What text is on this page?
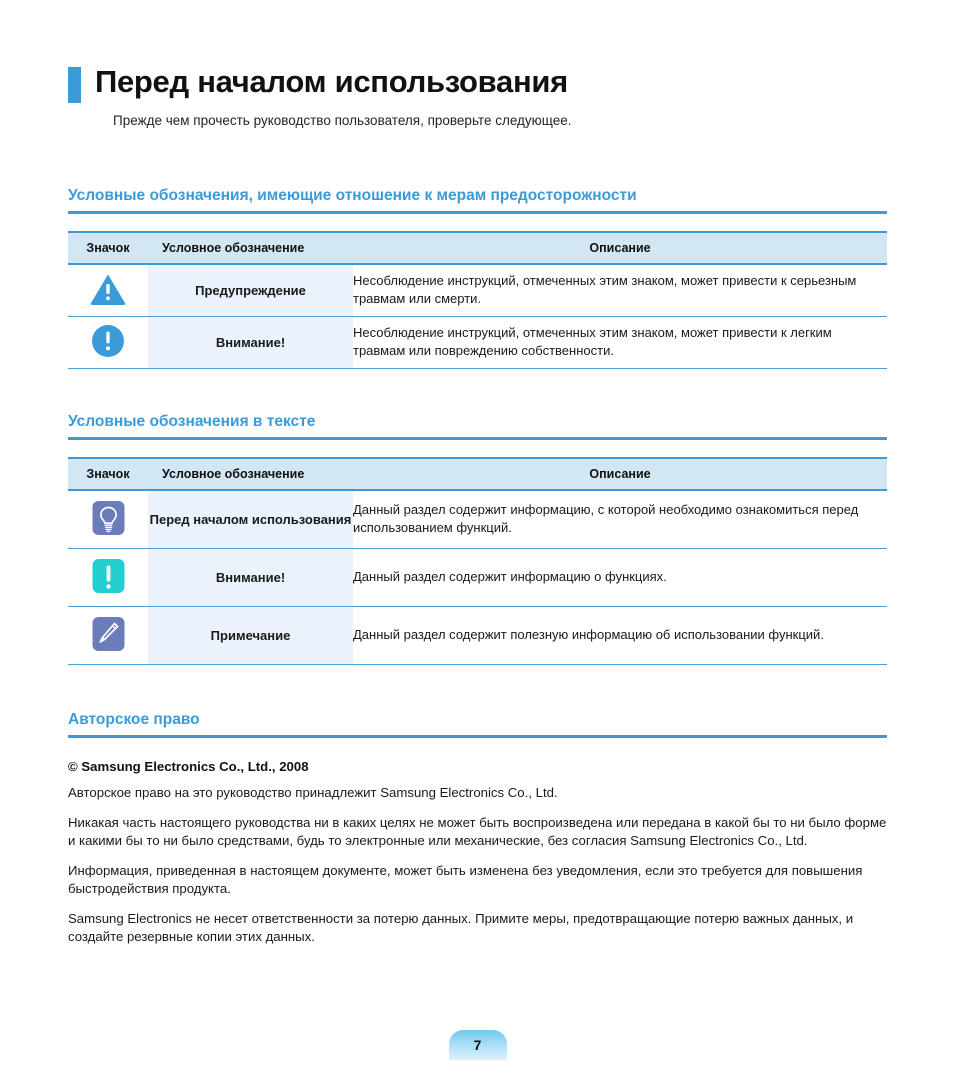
Перед началом использования
Прежде чем прочесть руководство пользователя, проверьте следующее.
Условные обозначения, имеющие отношение к мерам предосторожности
Значок	Условное обозначение	Описание
	Предупреждение	Несоблюдение инструкций, отмеченных этим знаком, может привести к серьезным травмам или смерти.
	Внимание!	Несоблюдение инструкций, отмеченных этим знаком, может привести к легким травмам или повреждению собственности.
Условные обозначения в тексте
Значок	Условное обозначение	Описание
	Перед началом использования	Данный раздел содержит информацию, с которой необходимо ознакомиться перед использованием функций.
	Внимание!	Данный раздел содержит информацию о функциях.
	Примечание	Данный раздел содержит полезную информацию об использовании функций.
Авторское право
© Samsung Electronics Co., Ltd., 2008
Авторское право на это руководство принадлежит Samsung Electronics Co., Ltd.
Никакая часть настоящего руководства ни в каких целях не может быть воспроизведена или передана в какой бы то ни было форме и какими бы то ни было средствами, будь то электронные или механические, без согласия Samsung Electronics Co., Ltd.
Информация, приведенная в настоящем документе, может быть изменена без уведомления, если это требуется для повышения быстродействия продукта.
Samsung Electronics не несет ответственности за потерю данных. Примите меры, предотвращающие потерю важных данных, и создайте резервные копии этих данных.
7
